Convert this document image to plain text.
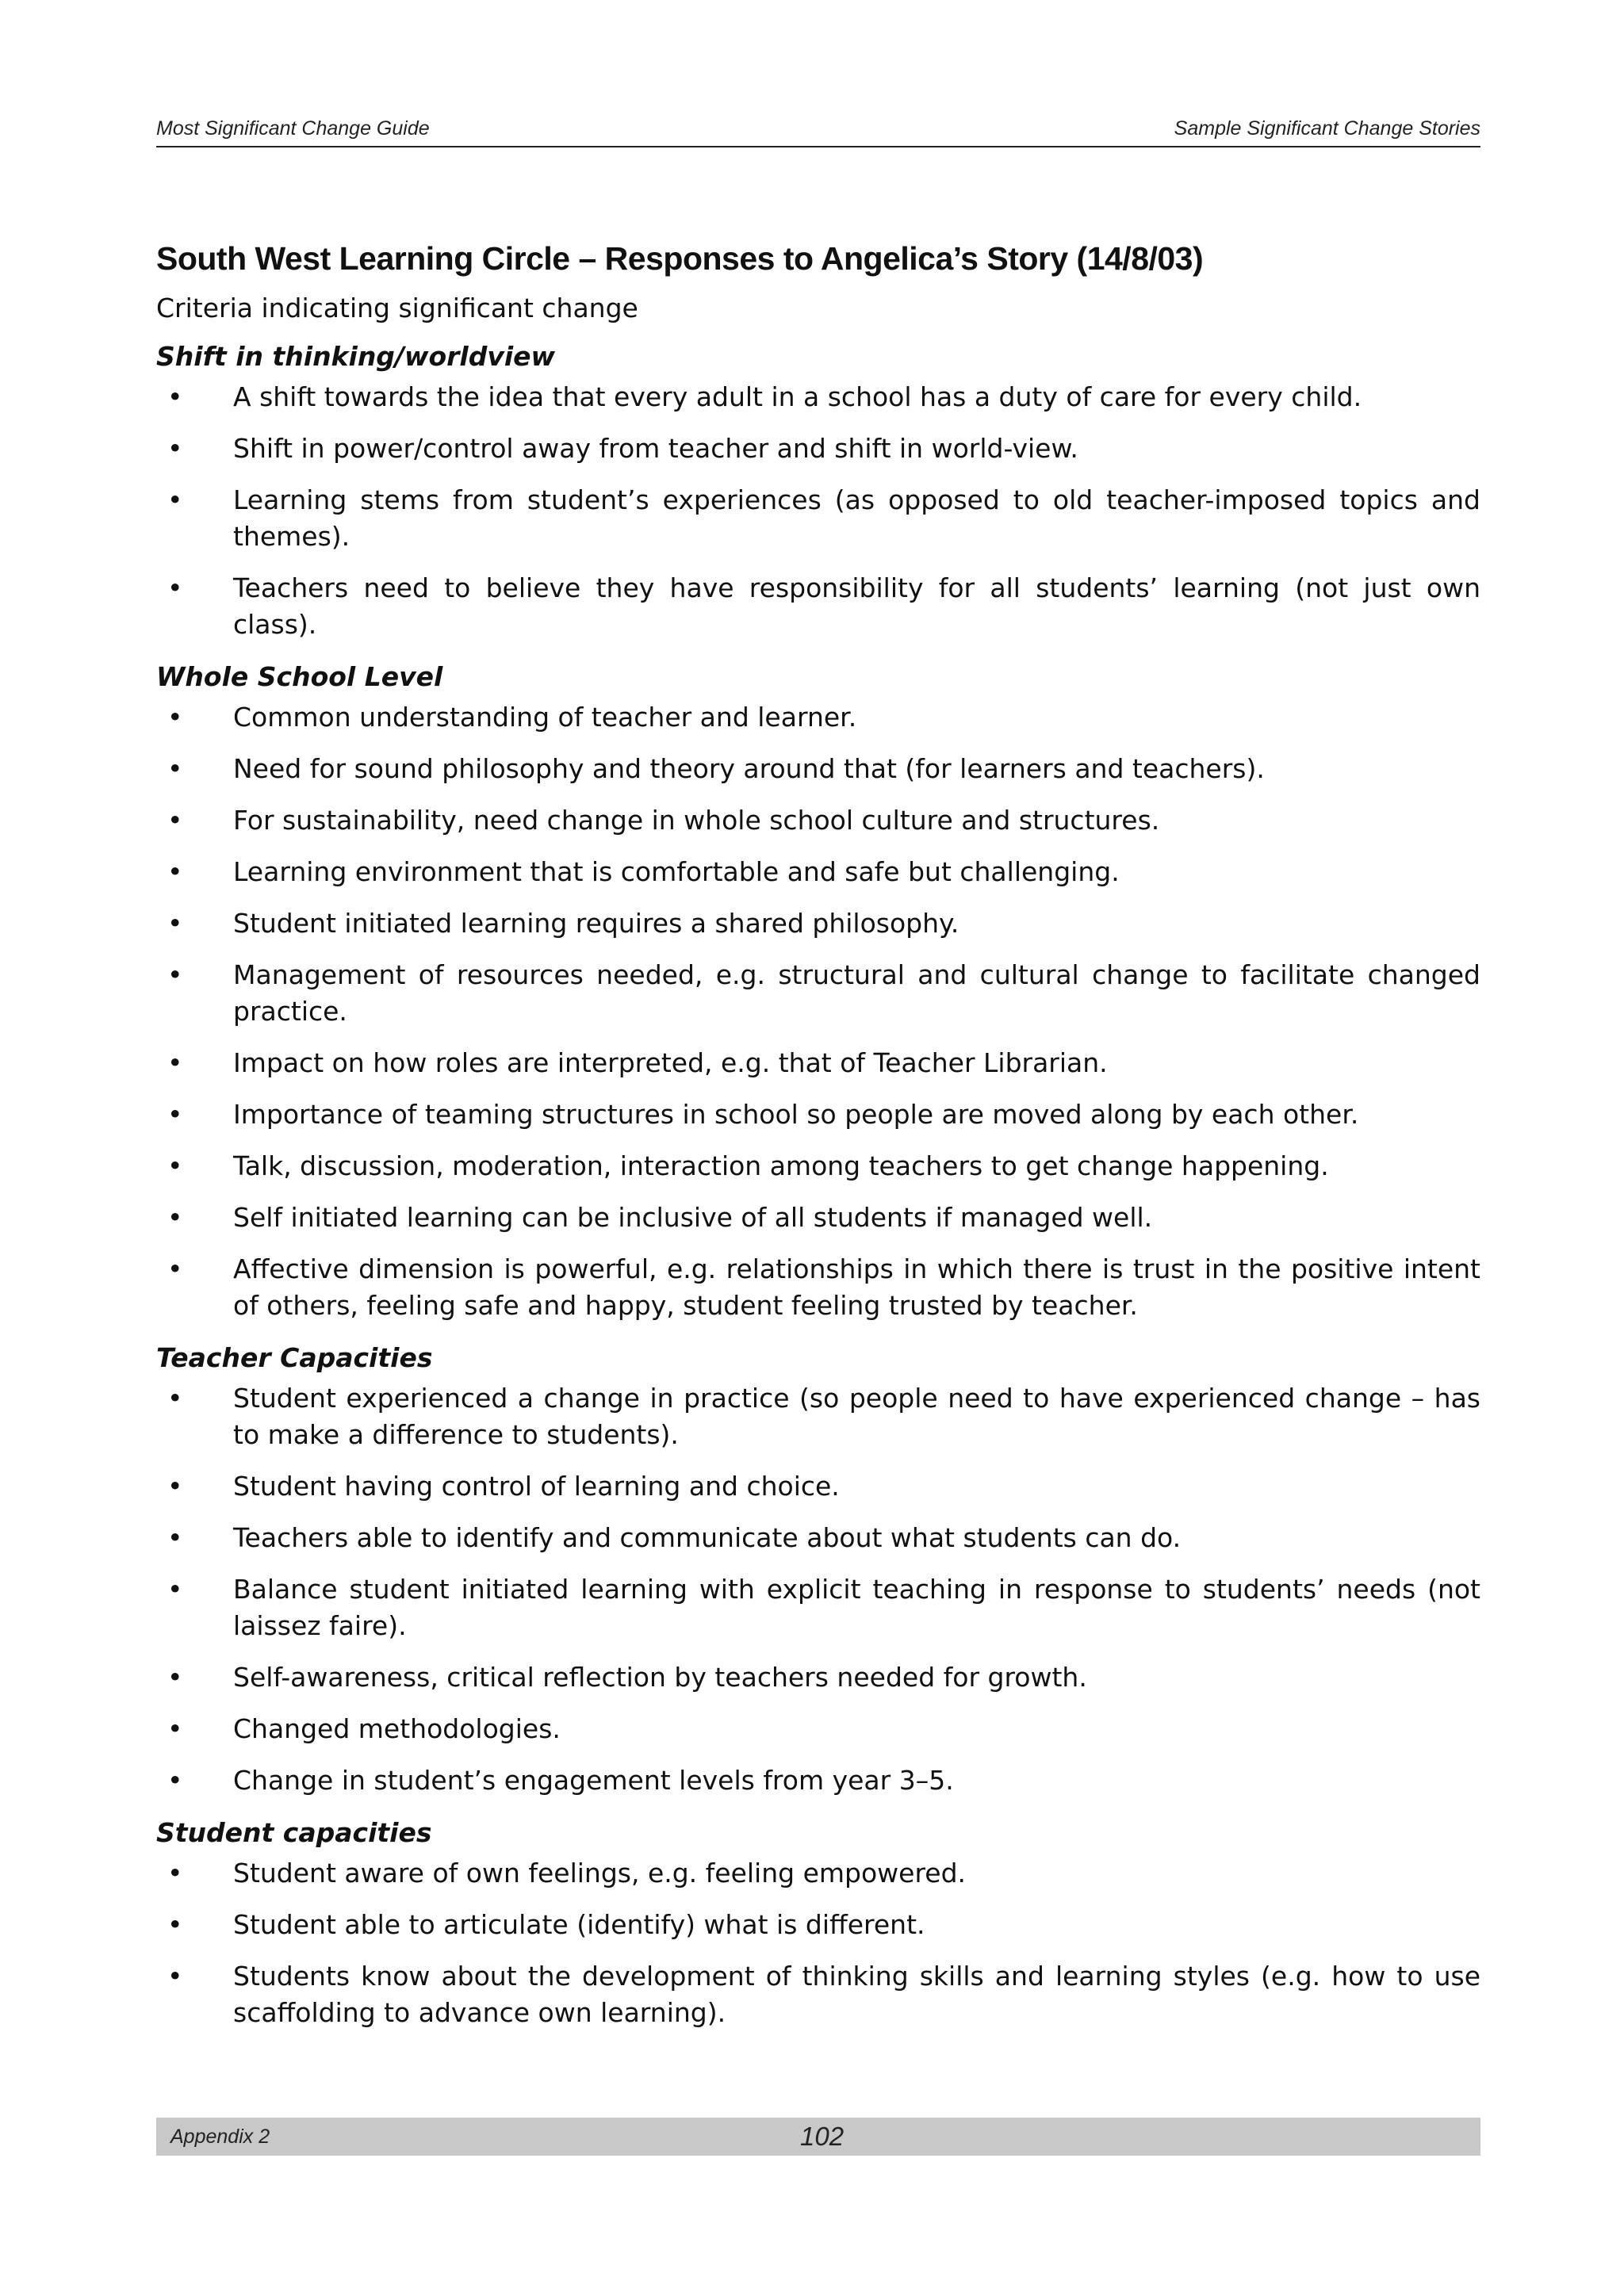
Most Significant Change Guide	Sample Significant Change Stories
South West Learning Circle – Responses to Angelica’s Story (14/8/03)
Criteria indicating significant change
Shift in thinking/worldview
• A shift towards the idea that every adult in a school has a duty of care for every child.
• Shift in power/control away from teacher and shift in world-view.
• Learning stems from student’s experiences (as opposed to old teacher-imposed topics and themes).
• Teachers need to believe they have responsibility for all students’ learning (not just own class).
Whole School Level
• Common understanding of teacher and learner.
• Need for sound philosophy and theory around that (for learners and teachers).
• For sustainability, need change in whole school culture and structures.
• Learning environment that is comfortable and safe but challenging.
• Student initiated learning requires a shared philosophy.
• Management of resources needed, e.g. structural and cultural change to facilitate changed practice.
• Impact on how roles are interpreted, e.g. that of Teacher Librarian.
• Importance of teaming structures in school so people are moved along by each other.
• Talk, discussion, moderation, interaction among teachers to get change happening.
• Self initiated learning can be inclusive of all students if managed well.
• Affective dimension is powerful, e.g. relationships in which there is trust in the positive intent of others, feeling safe and happy, student feeling trusted by teacher.
Teacher Capacities
• Student experienced a change in practice (so people need to have experienced change – has to make a difference to students).
• Student having control of learning and choice.
• Teachers able to identify and communicate about what students can do.
• Balance student initiated learning with explicit teaching in response to students’ needs (not laissez faire).
• Self-awareness, critical reflection by teachers needed for growth.
• Changed methodologies.
• Change in student’s engagement levels from year 3–5.
Student capacities
• Student aware of own feelings, e.g. feeling empowered.
• Student able to articulate (identify) what is different.
• Students know about the development of thinking skills and learning styles (e.g. how to use scaffolding to advance own learning).
Appendix 2	102
